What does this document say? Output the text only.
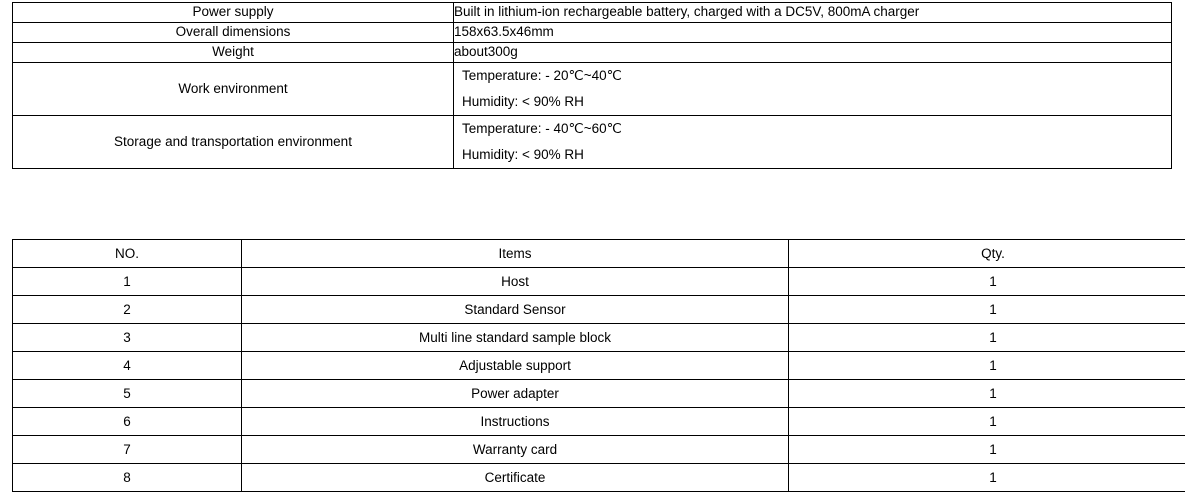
Power supply	Built in lithium-ion rechargeable battery, charged with a DC5V, 800mA charger
Overall dimensions	158x63.5x46mm
Weight	about300g
Work environment	Temperature: - 20℃~40℃
Humidity: < 90% RH

Storage and transportation environment	Temperature: - 40℃~60℃
Humidity: < 90% RH
NO.	Items	Qty.
1	Host	1
2	Standard Sensor	1
3	Multi line standard sample block	1
4	Adjustable support	1
5	Power adapter	1
6	Instructions	1
7	Warranty card	1
8	Certificate	1
